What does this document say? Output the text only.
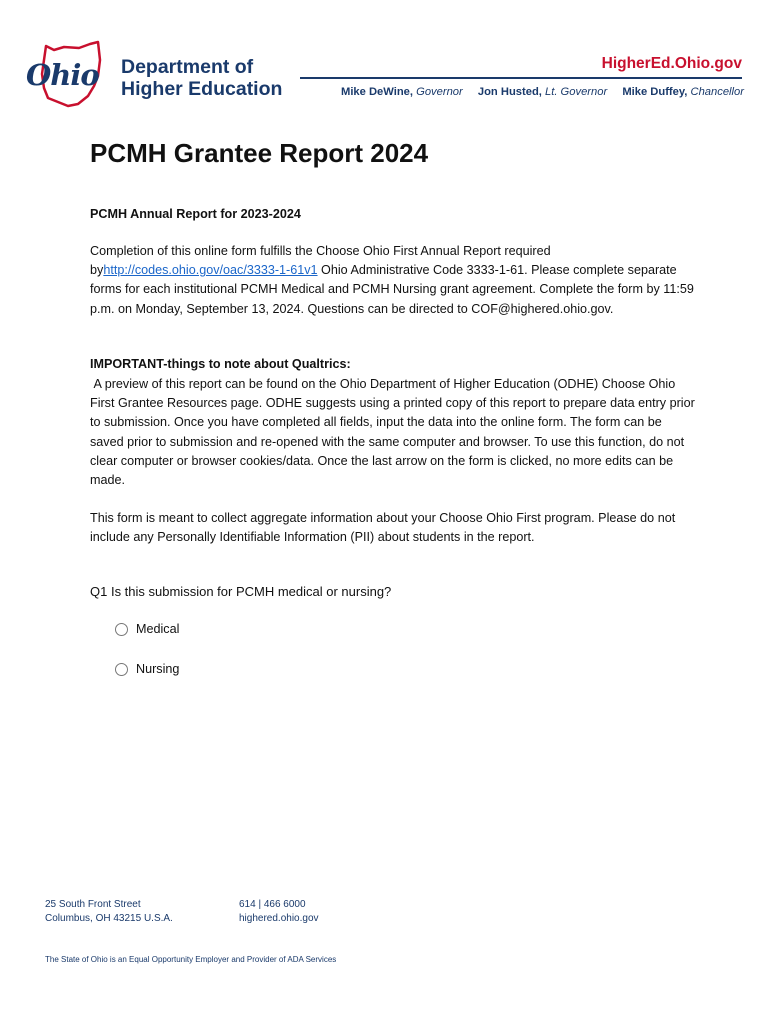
Ohio Department of
Higher Education
HigherEd.Ohio.gov
Mike DeWine, Governor Jon Husted, Lt. Governor Mike Duffey, Chancellor
PCMH Grantee Report 2024
PCMH Annual Report for 2023-2024
Completion of this online form fulfills the Choose Ohio First Annual Report required byhttp://codes.ohio.gov/oac/3333-1-61v1 Ohio Administrative Code 3333-1-61. Please complete separate forms for each institutional PCMH Medical and PCMH Nursing grant agreement. Complete the form by 11:59 p.m. on Monday, September 13, 2024. Questions can be directed to COF@highered.ohio.gov.
IMPORTANT-things to note about Qualtrics:
A preview of this report can be found on the Ohio Department of Higher Education (ODHE) Choose Ohio First Grantee Resources page. ODHE suggests using a printed copy of this report to prepare data entry prior to submission. Once you have completed all fields, input the data into the online form. The form can be saved prior to submission and re-opened with the same computer and browser. To use this function, do not clear computer or browser cookies/data. Once the last arrow on the form is clicked, no more edits can be made.
This form is meant to collect aggregate information about your Choose Ohio First program. Please do not include any Personally Identifiable Information (PII) about students in the report.
Q1 Is this submission for PCMH medical or nursing?
Medical
Nursing
25 South Front Street
Columbus, OH 43215 U.S.A.
614 | 466 6000
highered.ohio.gov
The State of Ohio is an Equal Opportunity Employer and Provider of ADA Services
